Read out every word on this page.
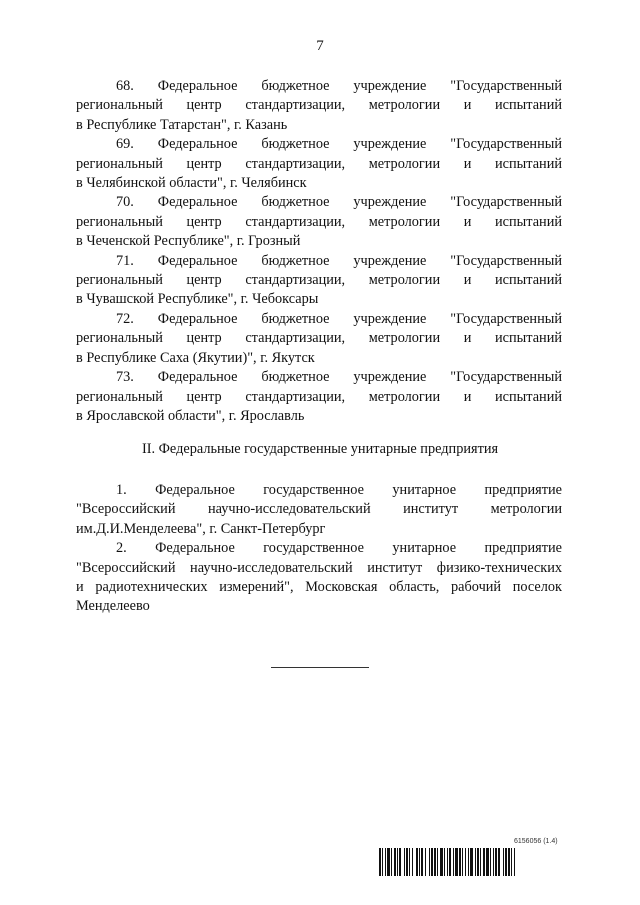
7

68. Федеральное бюджетное учреждение "Государственный
региональный центр стандартизации, метрологии и испытаний
в Республике Татарстан", г. Казань

69. Федеральное бюджетное учреждение "Государственный
региональный центр стандартизации, метрологии и испытаний
в Челябинской области", г. Челябинск

70. Федеральное бюджетное учреждение "Государственный
региональный центр стандартизации, метрологии и испытаний
в Чеченской Республике", г. Грозный

71. Федеральное бюджетное учреждение "Государственный
региональный центр стандартизации, метрологии и испытаний
в Чувашской Республике", г. Чебоксары

72. Федеральное бюджетное учреждение "Государственный
региональный центр стандартизации, метрологии и испытаний
в Республике Саха (Якутии)", г. Якутск

73. Федеральное бюджетное учреждение "Государственный
региональный центр стандартизации, метрологии и испытаний
в Ярославской области", г. Ярославль

II. Федеральные государственные унитарные предприятия

1. Федеральное государственное унитарное предприятие
"Всероссийский научно-исследовательский институт метрологии
им.Д.И.Менделеева", г. Санкт-Петербург

2. Федеральное государственное унитарное предприятие
"Всероссийский научно-исследовательский институт физико-технических
и радиотехнических измерений", Московская область, рабочий поселок
Менделеево

6156056 (1.4)
